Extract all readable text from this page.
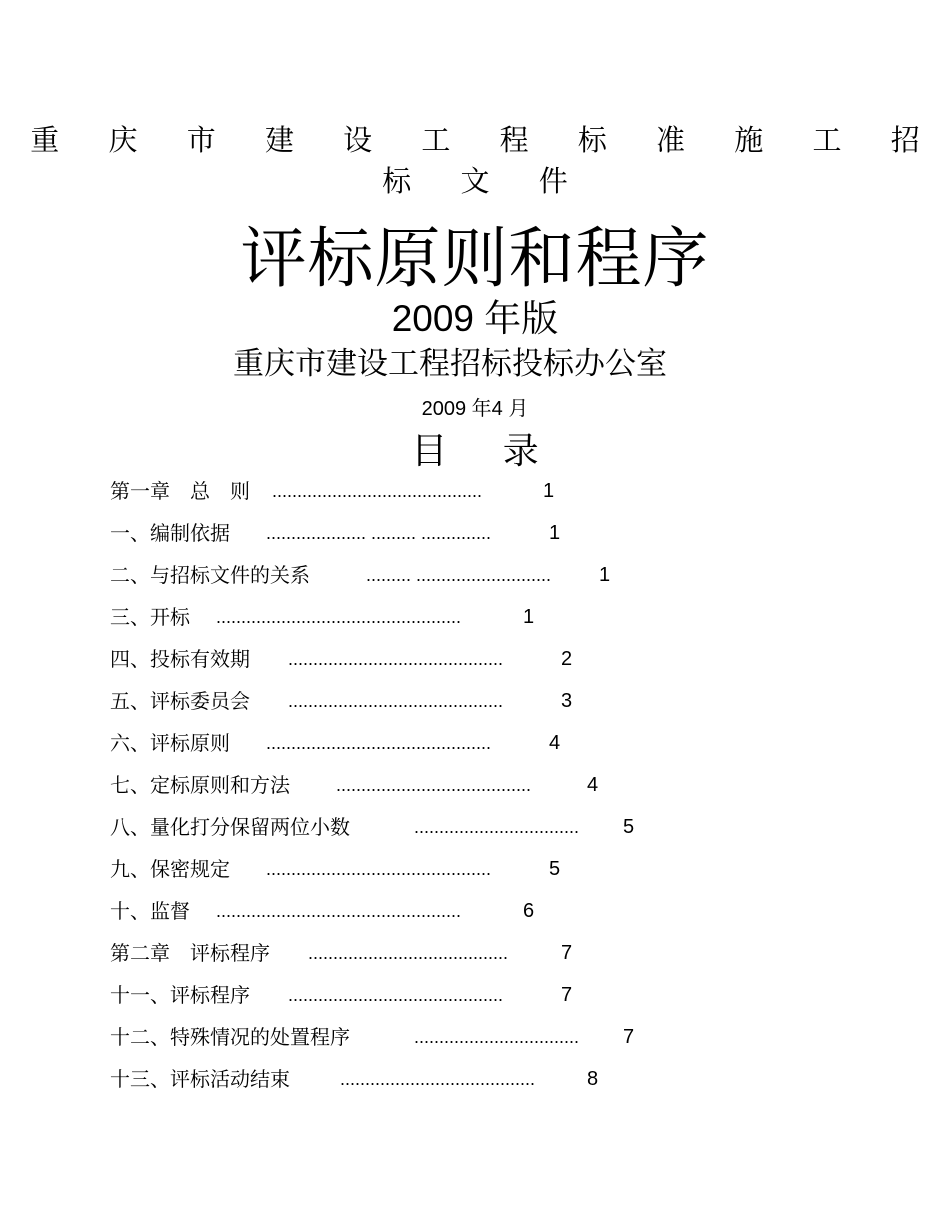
重 庆 市 建 设 工 程 标 准 施 工 招 标 文 件
评标原则和程序
2009 年版
重庆市建设工程招标投标办公室
2009 年4 月
目 录
第一章　总　则 ..........................................	1
一、编制依据 .................... ......... ..............	1
二、与招标文件的关系	......... ...........................	1
三、开标 .................................................	1
四、投标有效期 ...........................................	2
五、评标委员会 ...........................................	3
六、评标原则 .............................................	4
七、定标原则和方法	.......................................	4
八、量化打分保留两位小数	.................................	5
九、保密规定 .............................................	5
十、监督 .................................................	6
第二章　评标程序 ........................................	7
十一、评标程序 ...........................................	7
十二、特殊情况的处置程序	.................................	7
十三、评标活动结束	.......................................	8
